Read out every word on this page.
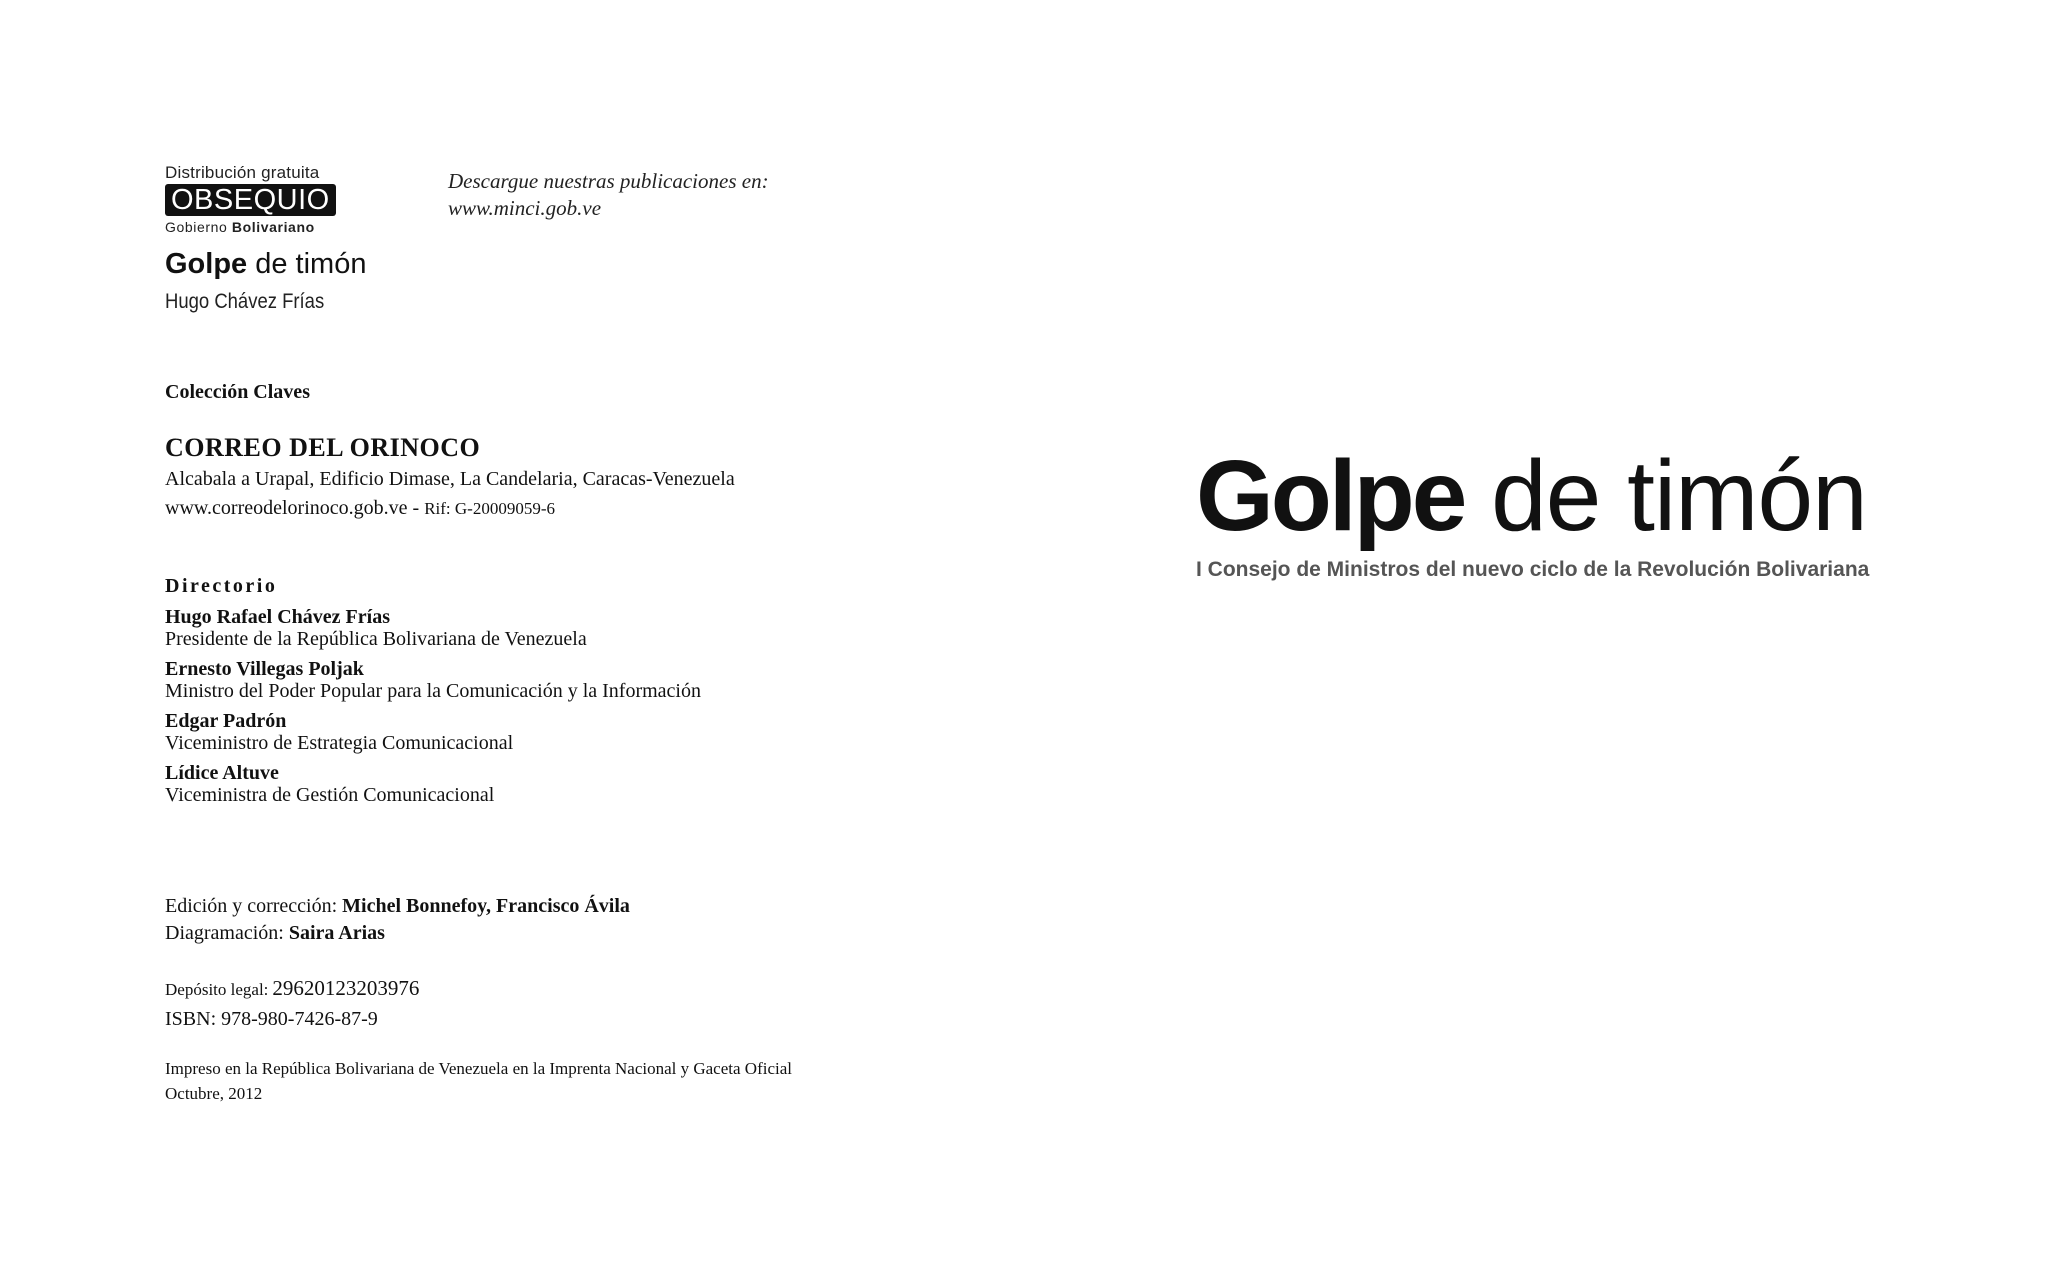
Distribución gratuita
OBSEQUIO
Gobierno Bolivariano
Descargue nuestras publicaciones en:
www.minci.gob.ve
Golpe de timón
Hugo Chávez Frías
Colección Claves
CORREO DEL ORINOCO
Alcabala a Urapal, Edificio Dimase, La Candelaria, Caracas-Venezuela
www.correodelorinoco.gob.ve - Rif: G-20009059-6
Directorio
Hugo Rafael Chávez Frías
Presidente de la República Bolivariana de Venezuela
Ernesto Villegas Poljak
Ministro del Poder Popular para la Comunicación y la Información
Edgar Padrón
Viceministro de Estrategia Comunicacional
Lídice Altuve
Viceministra de Gestión Comunicacional
Edición y corrección: Michel Bonnefoy, Francisco Ávila
Diagramación: Saira Arias
Depósito legal: 29620123203976
ISBN: 978-980-7426-87-9
Impreso en la República Bolivariana de Venezuela en la Imprenta Nacional y Gaceta Oficial
Octubre, 2012
Golpe de timón
I Consejo de Ministros del nuevo ciclo de la Revolución Bolivariana
